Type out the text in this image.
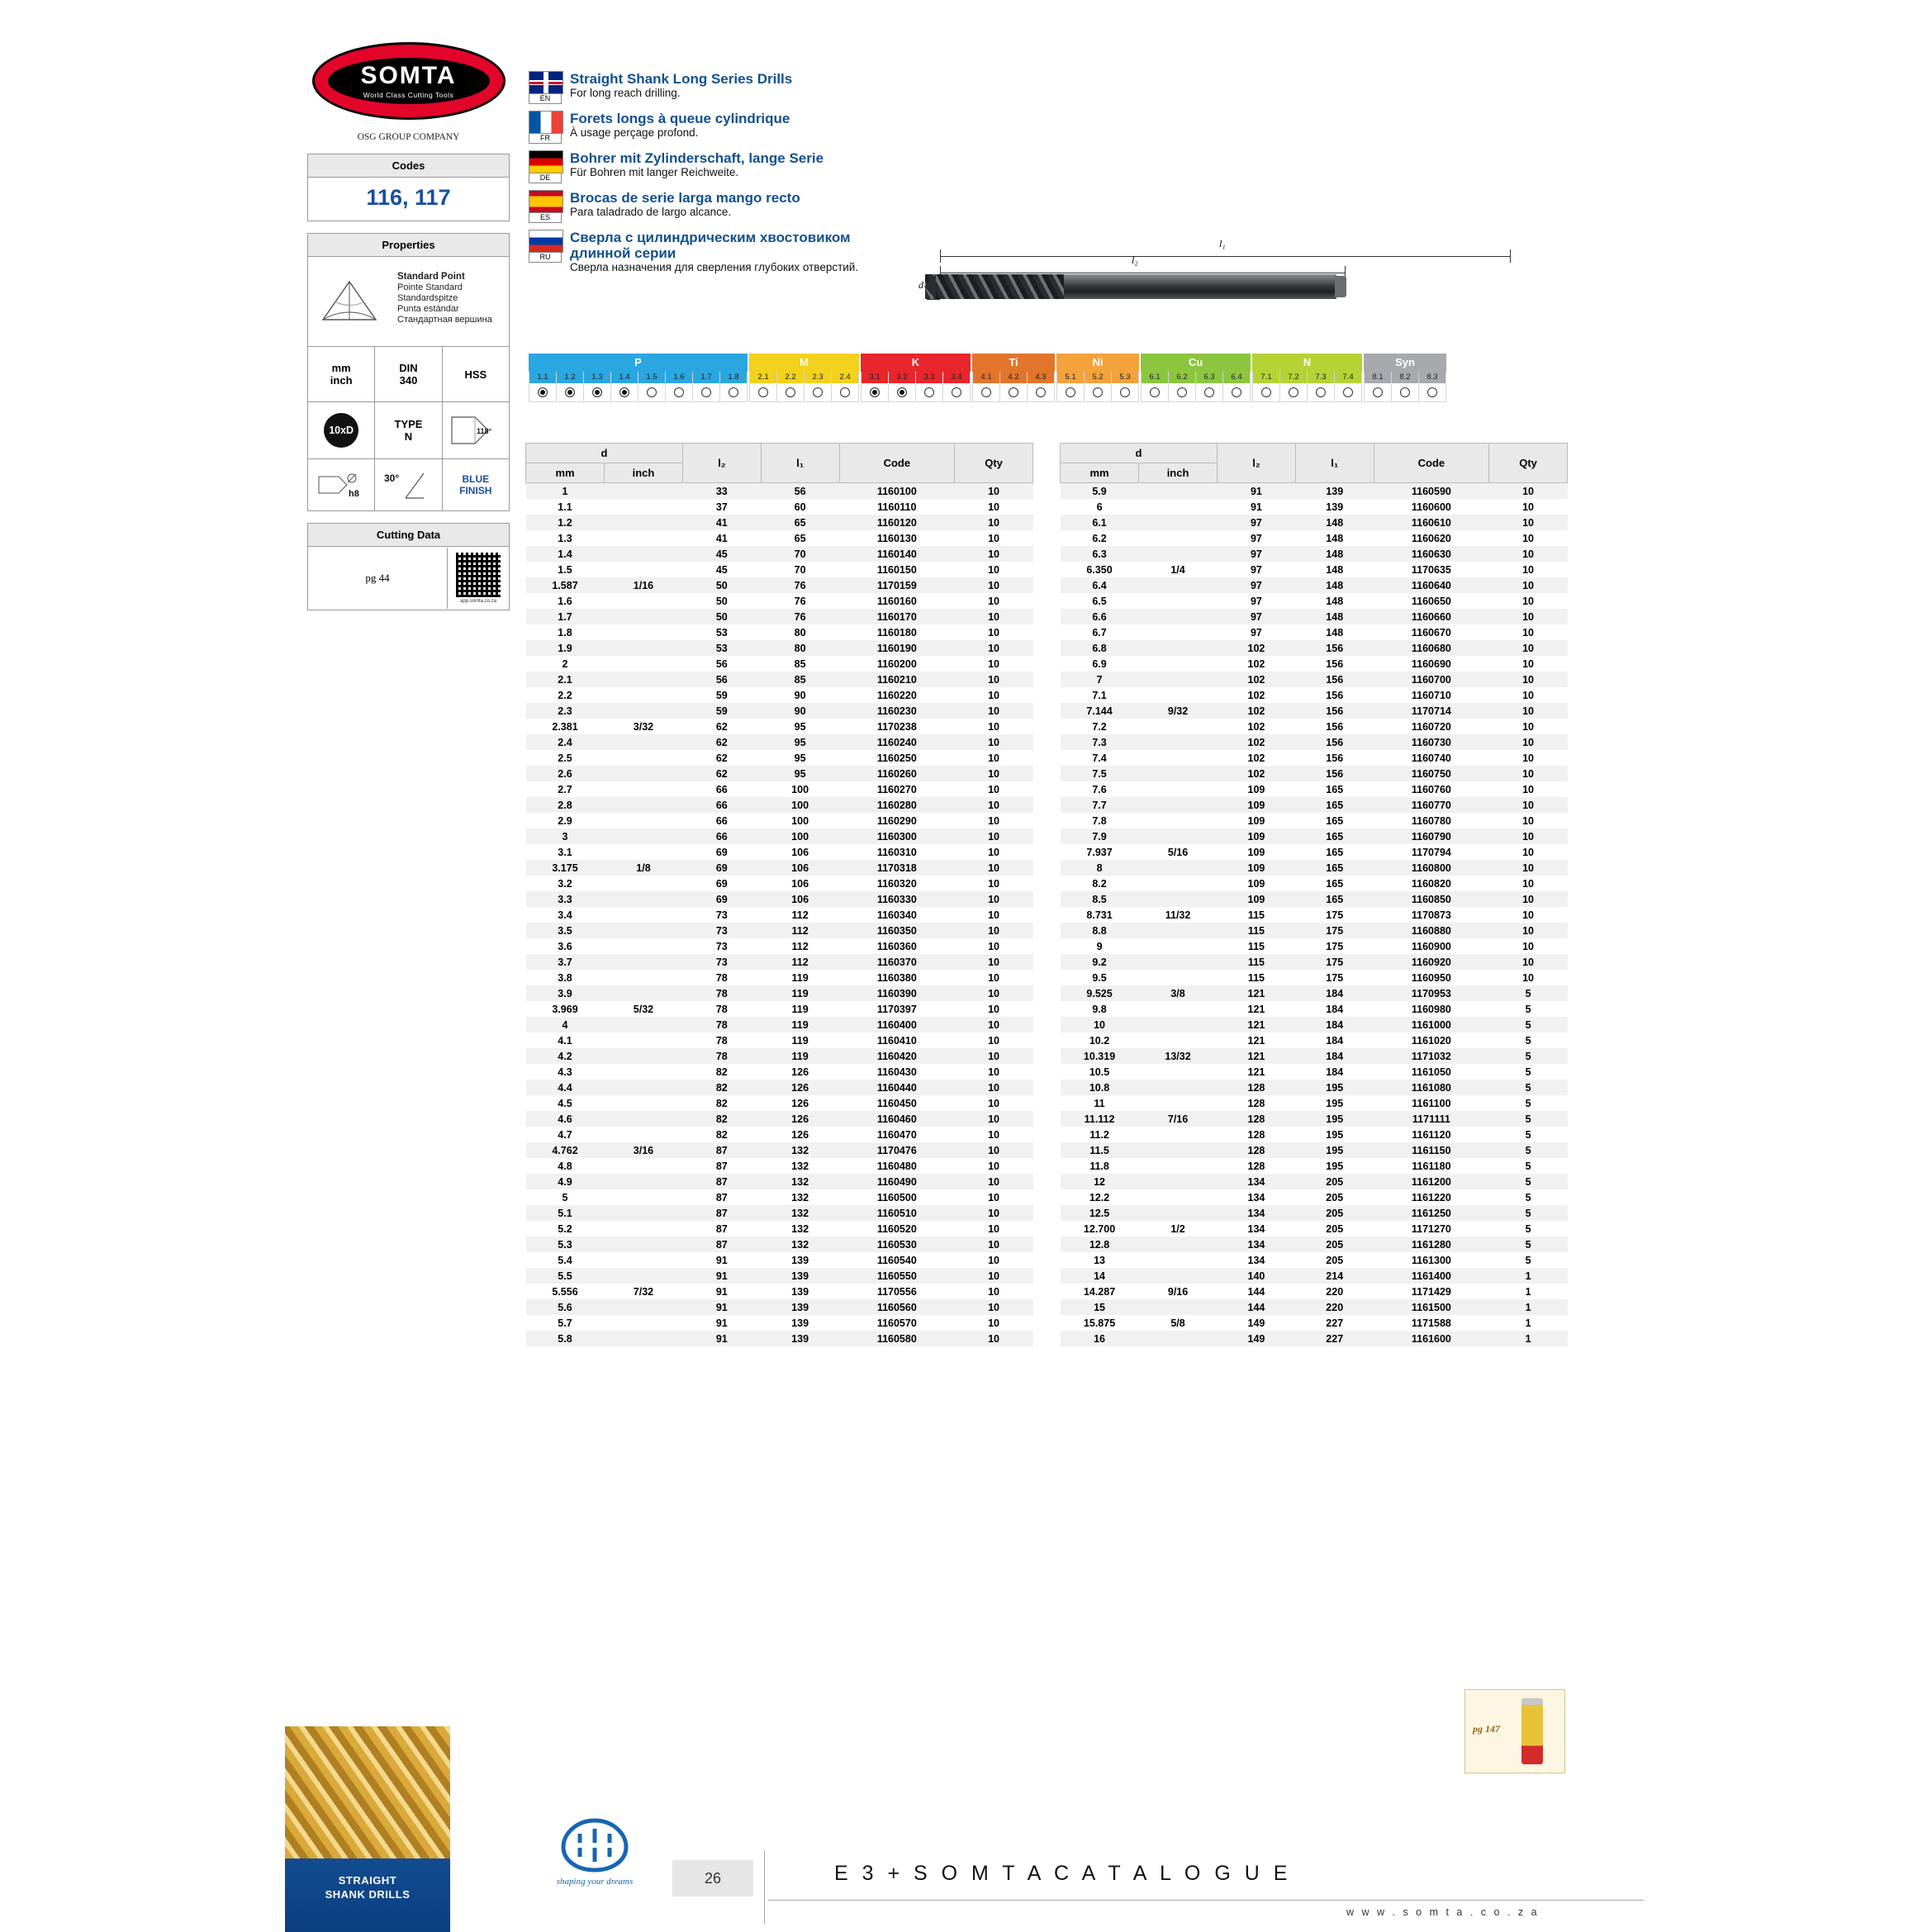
SOMTA
World Class Cutting Tools
OSG GROUP COMPANY
Codes
116, 117
Properties
Standard Point
Pointe Standard
Standardspitze
Punta estándar
Стандартная вершина
mm
inch
DIN
340	HSS
10xD	TYPE
N	118°
h8
30°	BLUE
FINISH
Cutting Data
pg 44
app.somta.co.za
EN
Straight Shank Long Series Drills
For long reach drilling.
FR
Forets longs à queue cylindrique
À usage perçage profond.
DE
Bohrer mit Zylinderschaft, lange Serie
Für Bohren mit langer Reichweite.
ES
Brocas de serie larga mango recto
Para taladrado de largo alcance.
RU
Сверла с цилиндрическим хвостовиком длинной серии
Сверла назначения для сверления глубоких отверстий.
l₁
l₂
d
P
1.1	1.2	1.3	1.4	1.5	1.6	1.7	1.8
M
2.1	2.2	2.3	2.4
K
3.1	3.2	3.3	3.4
Ti
4.1	4.2	4.3
Ni
5.1	5.2	5.3
Cu
6.1	6.2	6.3	6.4
N
7.1	7.2	7.3	7.4
Syn
8.1	8.2	8.3
d		l₂	l₁	Code	Qty
mm	inch				
1		33	56	1160100	10
1.1		37	60	1160110	10
1.2		41	65	1160120	10
1.3		41	65	1160130	10
1.4		45	70	1160140	10
1.5		45	70	1160150	10
1.587	1/16	50	76	1170159	10
1.6		50	76	1160160	10
1.7		50	76	1160170	10
1.8		53	80	1160180	10
1.9		53	80	1160190	10
2		56	85	1160200	10
2.1		56	85	1160210	10
2.2		59	90	1160220	10
2.3		59	90	1160230	10
2.381	3/32	62	95	1170238	10
2.4		62	95	1160240	10
2.5		62	95	1160250	10
2.6		62	95	1160260	10
2.7		66	100	1160270	10
2.8		66	100	1160280	10
2.9		66	100	1160290	10
3		66	100	1160300	10
3.1		69	106	1160310	10
3.175	1/8	69	106	1170318	10
3.2		69	106	1160320	10
3.3		69	106	1160330	10
3.4		73	112	1160340	10
3.5		73	112	1160350	10
3.6		73	112	1160360	10
3.7		73	112	1160370	10
3.8		78	119	1160380	10
3.9		78	119	1160390	10
3.969	5/32	78	119	1170397	10
4		78	119	1160400	10
4.1		78	119	1160410	10
4.2		78	119	1160420	10
4.3		82	126	1160430	10
4.4		82	126	1160440	10
4.5		82	126	1160450	10
4.6		82	126	1160460	10
4.7		82	126	1160470	10
4.762	3/16	87	132	1170476	10
4.8		87	132	1160480	10
4.9		87	132	1160490	10
5		87	132	1160500	10
5.1		87	132	1160510	10
5.2		87	132	1160520	10
5.3		87	132	1160530	10
5.4		91	139	1160540	10
5.5		91	139	1160550	10
5.556	7/32	91	139	1170556	10
5.6		91	139	1160560	10
5.7		91	139	1160570	10
5.8		91	139	1160580	10
d		l₂	l₁	Code	Qty
mm	inch				
5.9		91	139	1160590	10
6		91	139	1160600	10
6.1		97	148	1160610	10
6.2		97	148	1160620	10
6.3		97	148	1160630	10
6.350	1/4	97	148	1170635	10
6.4		97	148	1160640	10
6.5		97	148	1160650	10
6.6		97	148	1160660	10
6.7		97	148	1160670	10
6.8		102	156	1160680	10
6.9		102	156	1160690	10
7		102	156	1160700	10
7.1		102	156	1160710	10
7.144	9/32	102	156	1170714	10
7.2		102	156	1160720	10
7.3		102	156	1160730	10
7.4		102	156	1160740	10
7.5		102	156	1160750	10
7.6		109	165	1160760	10
7.7		109	165	1160770	10
7.8		109	165	1160780	10
7.9		109	165	1160790	10
7.937	5/16	109	165	1170794	10
8		109	165	1160800	10
8.2		109	165	1160820	10
8.5		109	165	1160850	10
8.731	11/32	115	175	1170873	10
8.8		115	175	1160880	10
9		115	175	1160900	10
9.2		115	175	1160920	10
9.5		115	175	1160950	10
9.525	3/8	121	184	1170953	5
9.8		121	184	1160980	5
10		121	184	1161000	5
10.2		121	184	1161020	5
10.319	13/32	121	184	1171032	5
10.5		121	184	1161050	5
10.8		128	195	1161080	5
11		128	195	1161100	5
11.112	7/16	128	195	1171111	5
11.2		128	195	1161120	5
11.5		128	195	1161150	5
11.8		128	195	1161180	5
12		134	205	1161200	5
12.2		134	205	1161220	5
12.5		134	205	1161250	5
12.700	1/2	134	205	1171270	5
12.8		134	205	1161280	5
13		134	205	1161300	5
14		140	214	1161400	1
14.287	9/16	144	220	1171429	1
15		144	220	1161500	1
15.875	5/8	149	227	1171588	1
16		149	227	1161600	1
pg 147
STRAIGHT
SHANK DRILLS
shaping your dreams	26	E 3 + S O M T A C A T A L O G U E
w w w . s o m t a . c o . z a
